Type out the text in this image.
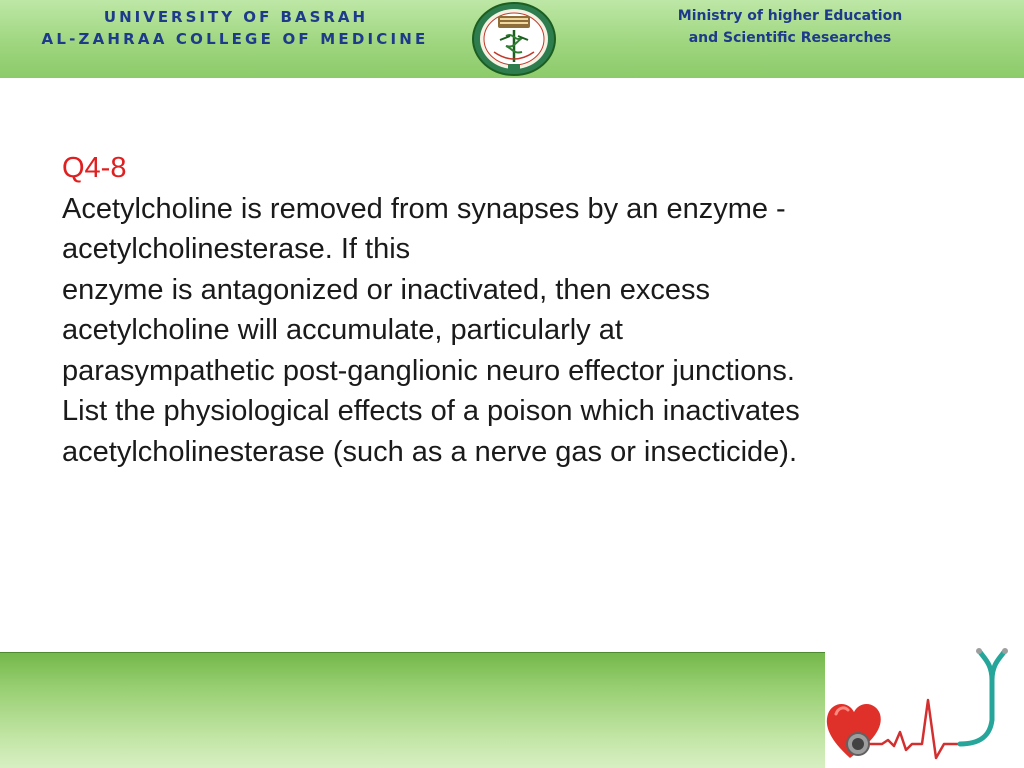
UNIVERSITY OF BASRAH
AL-ZAHRAA COLLEGE OF MEDICINE
Ministry of higher Education
and Scientific Researches
Q4-8
Acetylcholine is removed from synapses by an enzyme -
acetylcholinesterase. If this
enzyme is antagonized or inactivated, then excess
acetylcholine will accumulate, particularly at
parasympathetic post-ganglionic neuro effector junctions.
List the physiological effects of a poison which inactivates
acetylcholinesterase (such as a nerve gas or insecticide).
